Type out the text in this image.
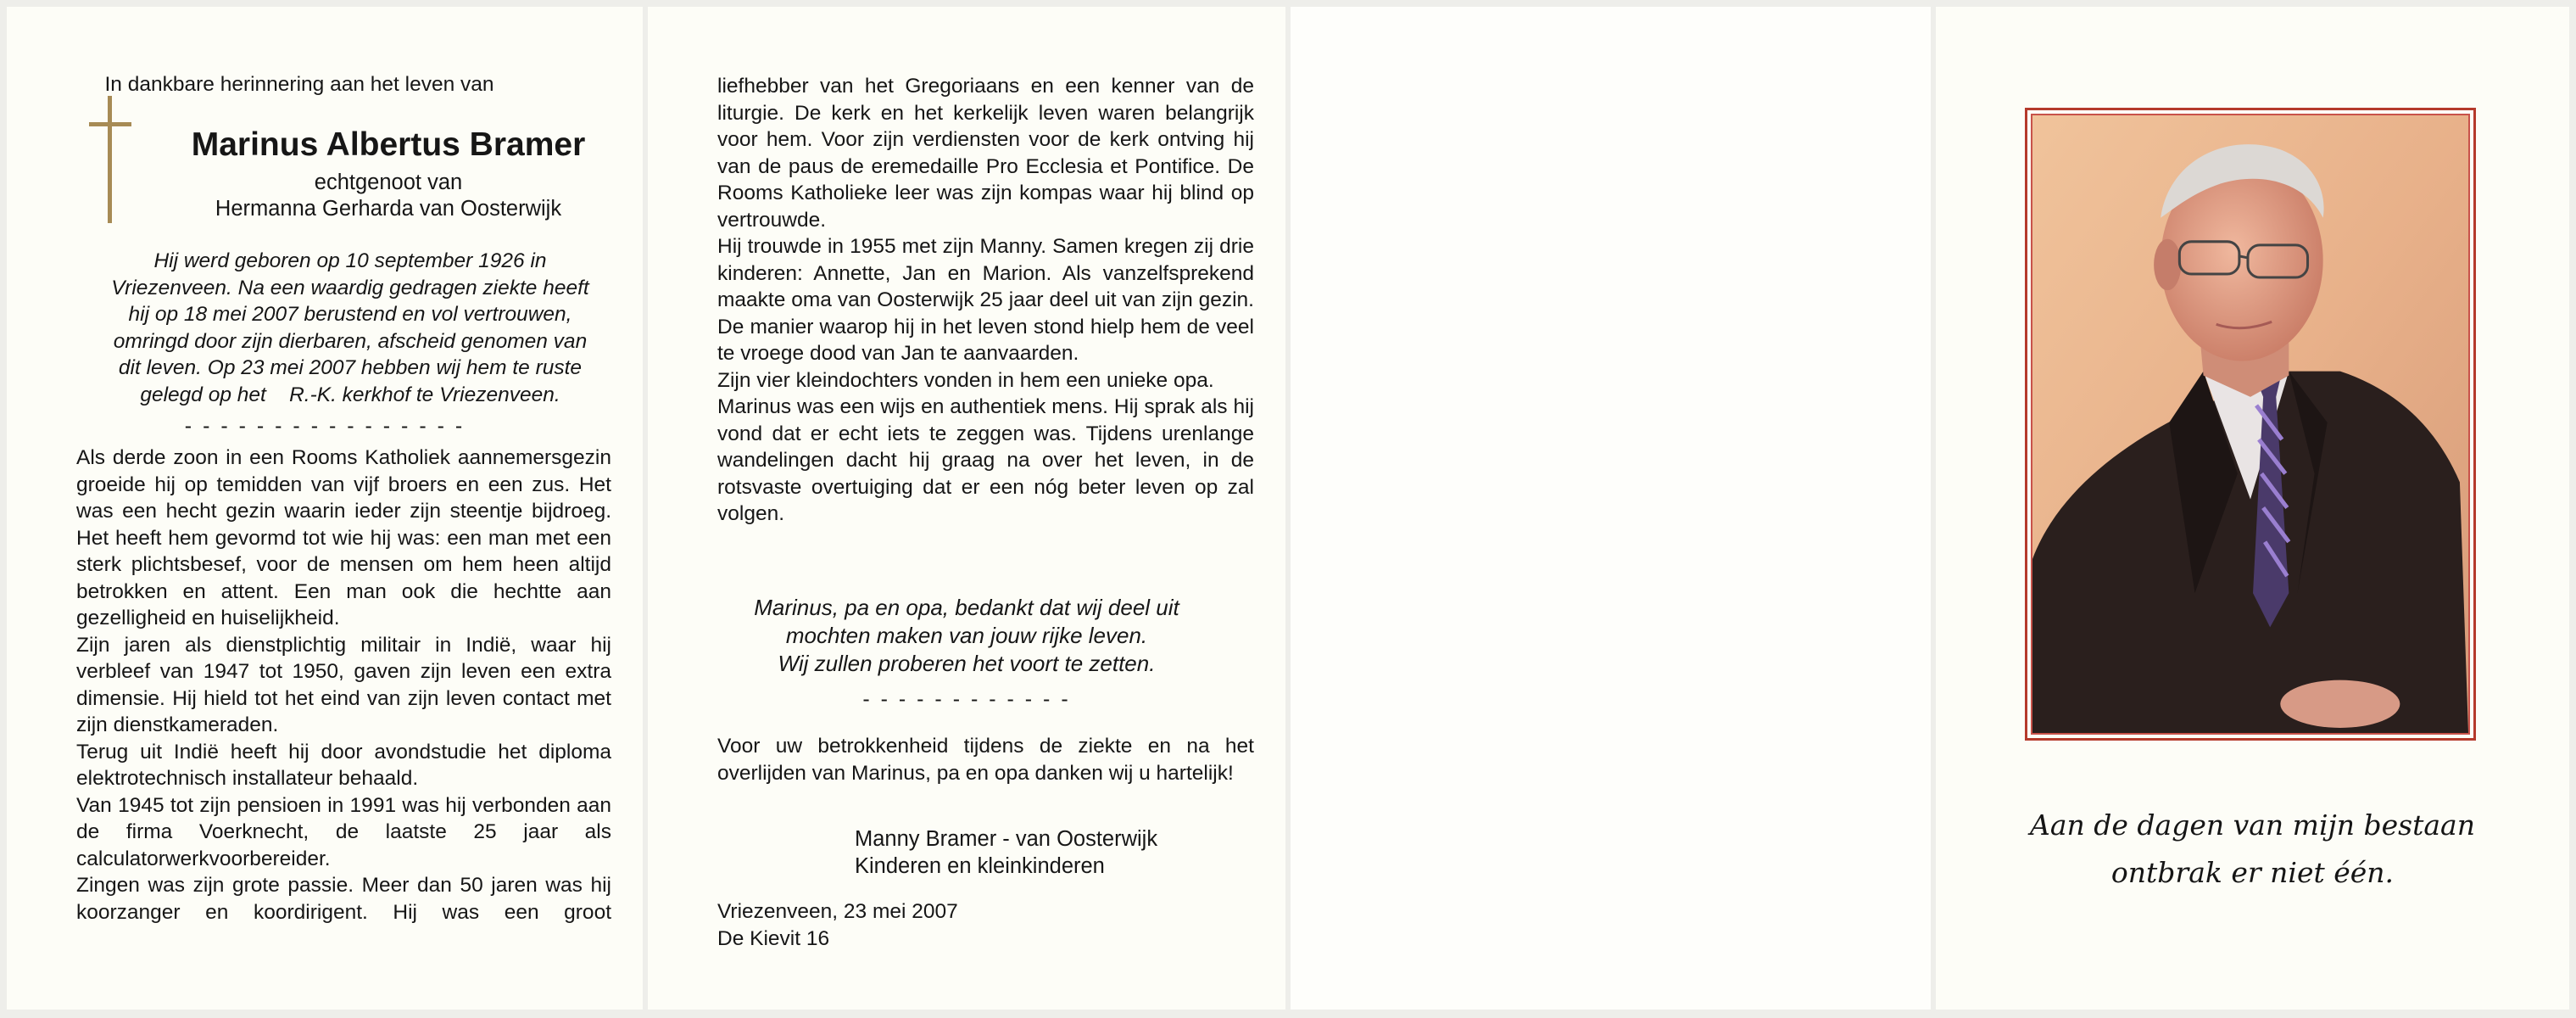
In dankbare herinnering aan het leven van
Marinus Albertus Bramer
echtgenoot van
Hermanna Gerharda van Oosterwijk
Hij werd geboren op 10 september 1926 in
Vriezenveen. Na een waardig gedragen ziekte heeft
hij op 18 mei 2007 berustend en vol vertrouwen,
omringd door zijn dierbaren, afscheid genomen van
dit leven. Op 23 mei 2007 hebben wij hem te ruste
gelegd op het    R.-K. kerkhof te Vriezenveen.
- - - - - - - - - - - - - - - -

Als derde zoon in een Rooms Katholiek aannemersgezin groeide hij op temidden van vijf broers en een zus. Het was een hecht gezin waarin ieder zijn steentje bijdroeg. Het heeft hem gevormd tot wie hij was: een man met een sterk plichtsbesef, voor de mensen om hem heen altijd betrokken en attent. Een man ook die hechtte aan gezelligheid en huiselijkheid.

Zijn jaren als dienstplichtig militair in Indië, waar hij verbleef van 1947 tot 1950, gaven zijn leven een extra dimensie. Hij hield tot het eind van zijn leven contact met zijn dienstkameraden.

Terug uit Indië heeft hij door avondstudie het diploma elektrotechnisch installateur behaald.

Van 1945 tot zijn pensioen in 1991 was hij verbonden aan de firma Voerknecht, de laatste 25 jaar als calculatorwerkvoorbereider.

Zingen was zijn grote passie. Meer dan 50 jaren was hij koorzanger en koordirigent. Hij was een groot

liefhebber van het Gregoriaans en een kenner van de liturgie. De kerk en het kerkelijk leven waren belangrijk voor hem. Voor zijn verdiensten voor de kerk ontving hij van de paus de eremedaille Pro Ecclesia et Pontifice. De Rooms Katholieke leer was zijn kompas waar hij blind op vertrouwde.

Hij trouwde in 1955 met zijn Manny. Samen kregen zij drie kinderen: Annette, Jan en Marion. Als vanzelfsprekend maakte oma van Oosterwijk 25 jaar deel uit van zijn gezin. De manier waarop hij in het leven stond hielp hem de veel te vroege dood van Jan te aanvaarden.

Zijn vier kleindochters vonden in hem een unieke opa.

Marinus was een wijs en authentiek mens. Hij sprak als hij vond dat er echt iets te zeggen was. Tijdens urenlange wandelingen dacht hij graag na over het leven, in de rotsvaste overtuiging dat er een nóg beter leven op zal volgen.

Marinus, pa en opa, bedankt dat wij deel uit
mochten maken van jouw rijke leven.
Wij zullen proberen het voort te zetten.
- - - - - - - - - - - -

Voor uw betrokkenheid tijdens de ziekte en na het overlijden van Marinus, pa en opa danken wij u hartelijk!

Manny Bramer - van Oosterwijk
Kinderen en kleinkinderen
Vriezenveen, 23 mei 2007
De Kievit 16
Aan de dagen van mijn bestaan
ontbrak er niet één.
